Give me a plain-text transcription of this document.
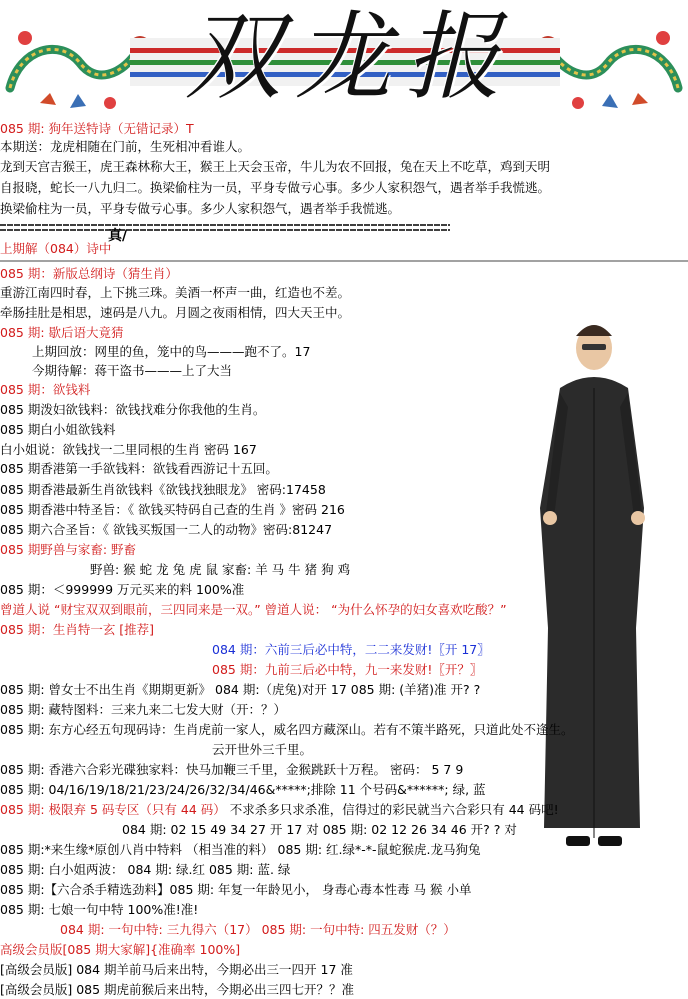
双龙报
085 期: 狗年送特诗（无错记录）T
本期送：龙虎相随在门前，生死相冲看谁人。
龙到天宫吉猴王，虎王森林称大王，猴王上天会玉帝，牛儿为农不回报，兔在天上不吃草，鸡到天明
自报晓，蛇长一八九归二。换梁偷柱为一员，平身专做亏心事。多少人家积怨气，遇者举手我慌逃。
换梁偷柱为一员，平身专做亏心事。多少人家积怨气，遇者举手我慌逃。
真/
上期解（084）诗中
085 期：新版总纲诗（猜生肖）
重游江南四时春，上下挑三珠。美酒一杯声一曲，红造也不差。
牵肠挂肚是相思，速码是八九。月圆之夜雨相情，四大天王中。
085 期: 歇后语大竟猜
上期回放：网里的鱼，笼中的鸟———跑不了。17
今期待解：蒋干盗书———上了大当
085 期：欲钱料
085 期泼妇欲钱料：欲钱找难分你我他的生肖。
085 期白小姐欲钱料
白小姐说：欲钱找一二里同根的生肖 密码 167
085 期香港第一手欲钱料：欲钱看西游记十五回。
085 期香港最新生肖欲钱料《欲钱找独眼龙》 密码:17458
085 期香港中特圣旨：《 欲钱买特码自己查的生肖 》密码 216
085 期六合圣旨：《 欲钱买叛国一二人的动物》密码:81247
085 期野兽与家畜: 野畜
野兽: 猴 蛇 龙 兔 虎 鼠 家畜: 羊 马 牛 猪 狗 鸡
085 期：＜999999 万元买来的料 100%准
曾道人说 “财宝双双到眼前，三四同来是一双。” 曾道人说： “为什么怀孕的妇女喜欢吃酸？”
085 期：生肖特一玄 [推荐]
084 期：六前三后必中特，二二来发财!〖开 17〗
085 期：九前三后必中特，九一来发财!〖开？〗
085 期: 曾女士不出生肖《期期更新》 084 期:（虎兔)对开 17 085 期: (羊猪)准 开? ?
085 期: 藏特图料：三来九来二七发大财（开：？）
085 期: 东方心经五句现码诗：生肖虎前一家人，威名四方藏深山。若有不策半路死，只道此处不逢生。
云开世外三千里。
085 期: 香港六合彩光碟独家料：快马加鞭三千里，金猴跳跃十万程。 密码： 5 7 9
085 期: 04/16/19/18/21/23/24/26/32/34/46&*****;排除 11 个号码&******; 绿, 蓝
085 期: 极限弃 5 码专区（只有 44 码） 不求杀多只求杀准，信得过的彩民就当六合彩只有 44 码吧!
084 期: 02 15 49 34 27 开 17 对 085 期: 02 12 26 34 46 开? ? 对
085 期:*来生缘*原创八肖中特料 （相当准的料） 085 期: 红.绿*-*-鼠蛇猴虎.龙马狗兔
085 期: 白小姐两波： 084 期: 绿.红 085 期: 蓝. 绿
085 期:【六合杀手精选劲料】085 期: 年复一年龄见小， 身毒心毒本性毒 马 猴 小单
085 期: 七娘一句中特 100%准!准!
084 期: 一句中特: 三九得六（17） 085 期: 一句中特: 四五发财（？）
高级会员版[085 期大家解]{准确率 100%]
[高级会员版] 084 期羊前马后来出特，今期必出三一四开 17 准
[高级会员版] 085 期虎前猴后来出特，今期必出三四七开？？准
